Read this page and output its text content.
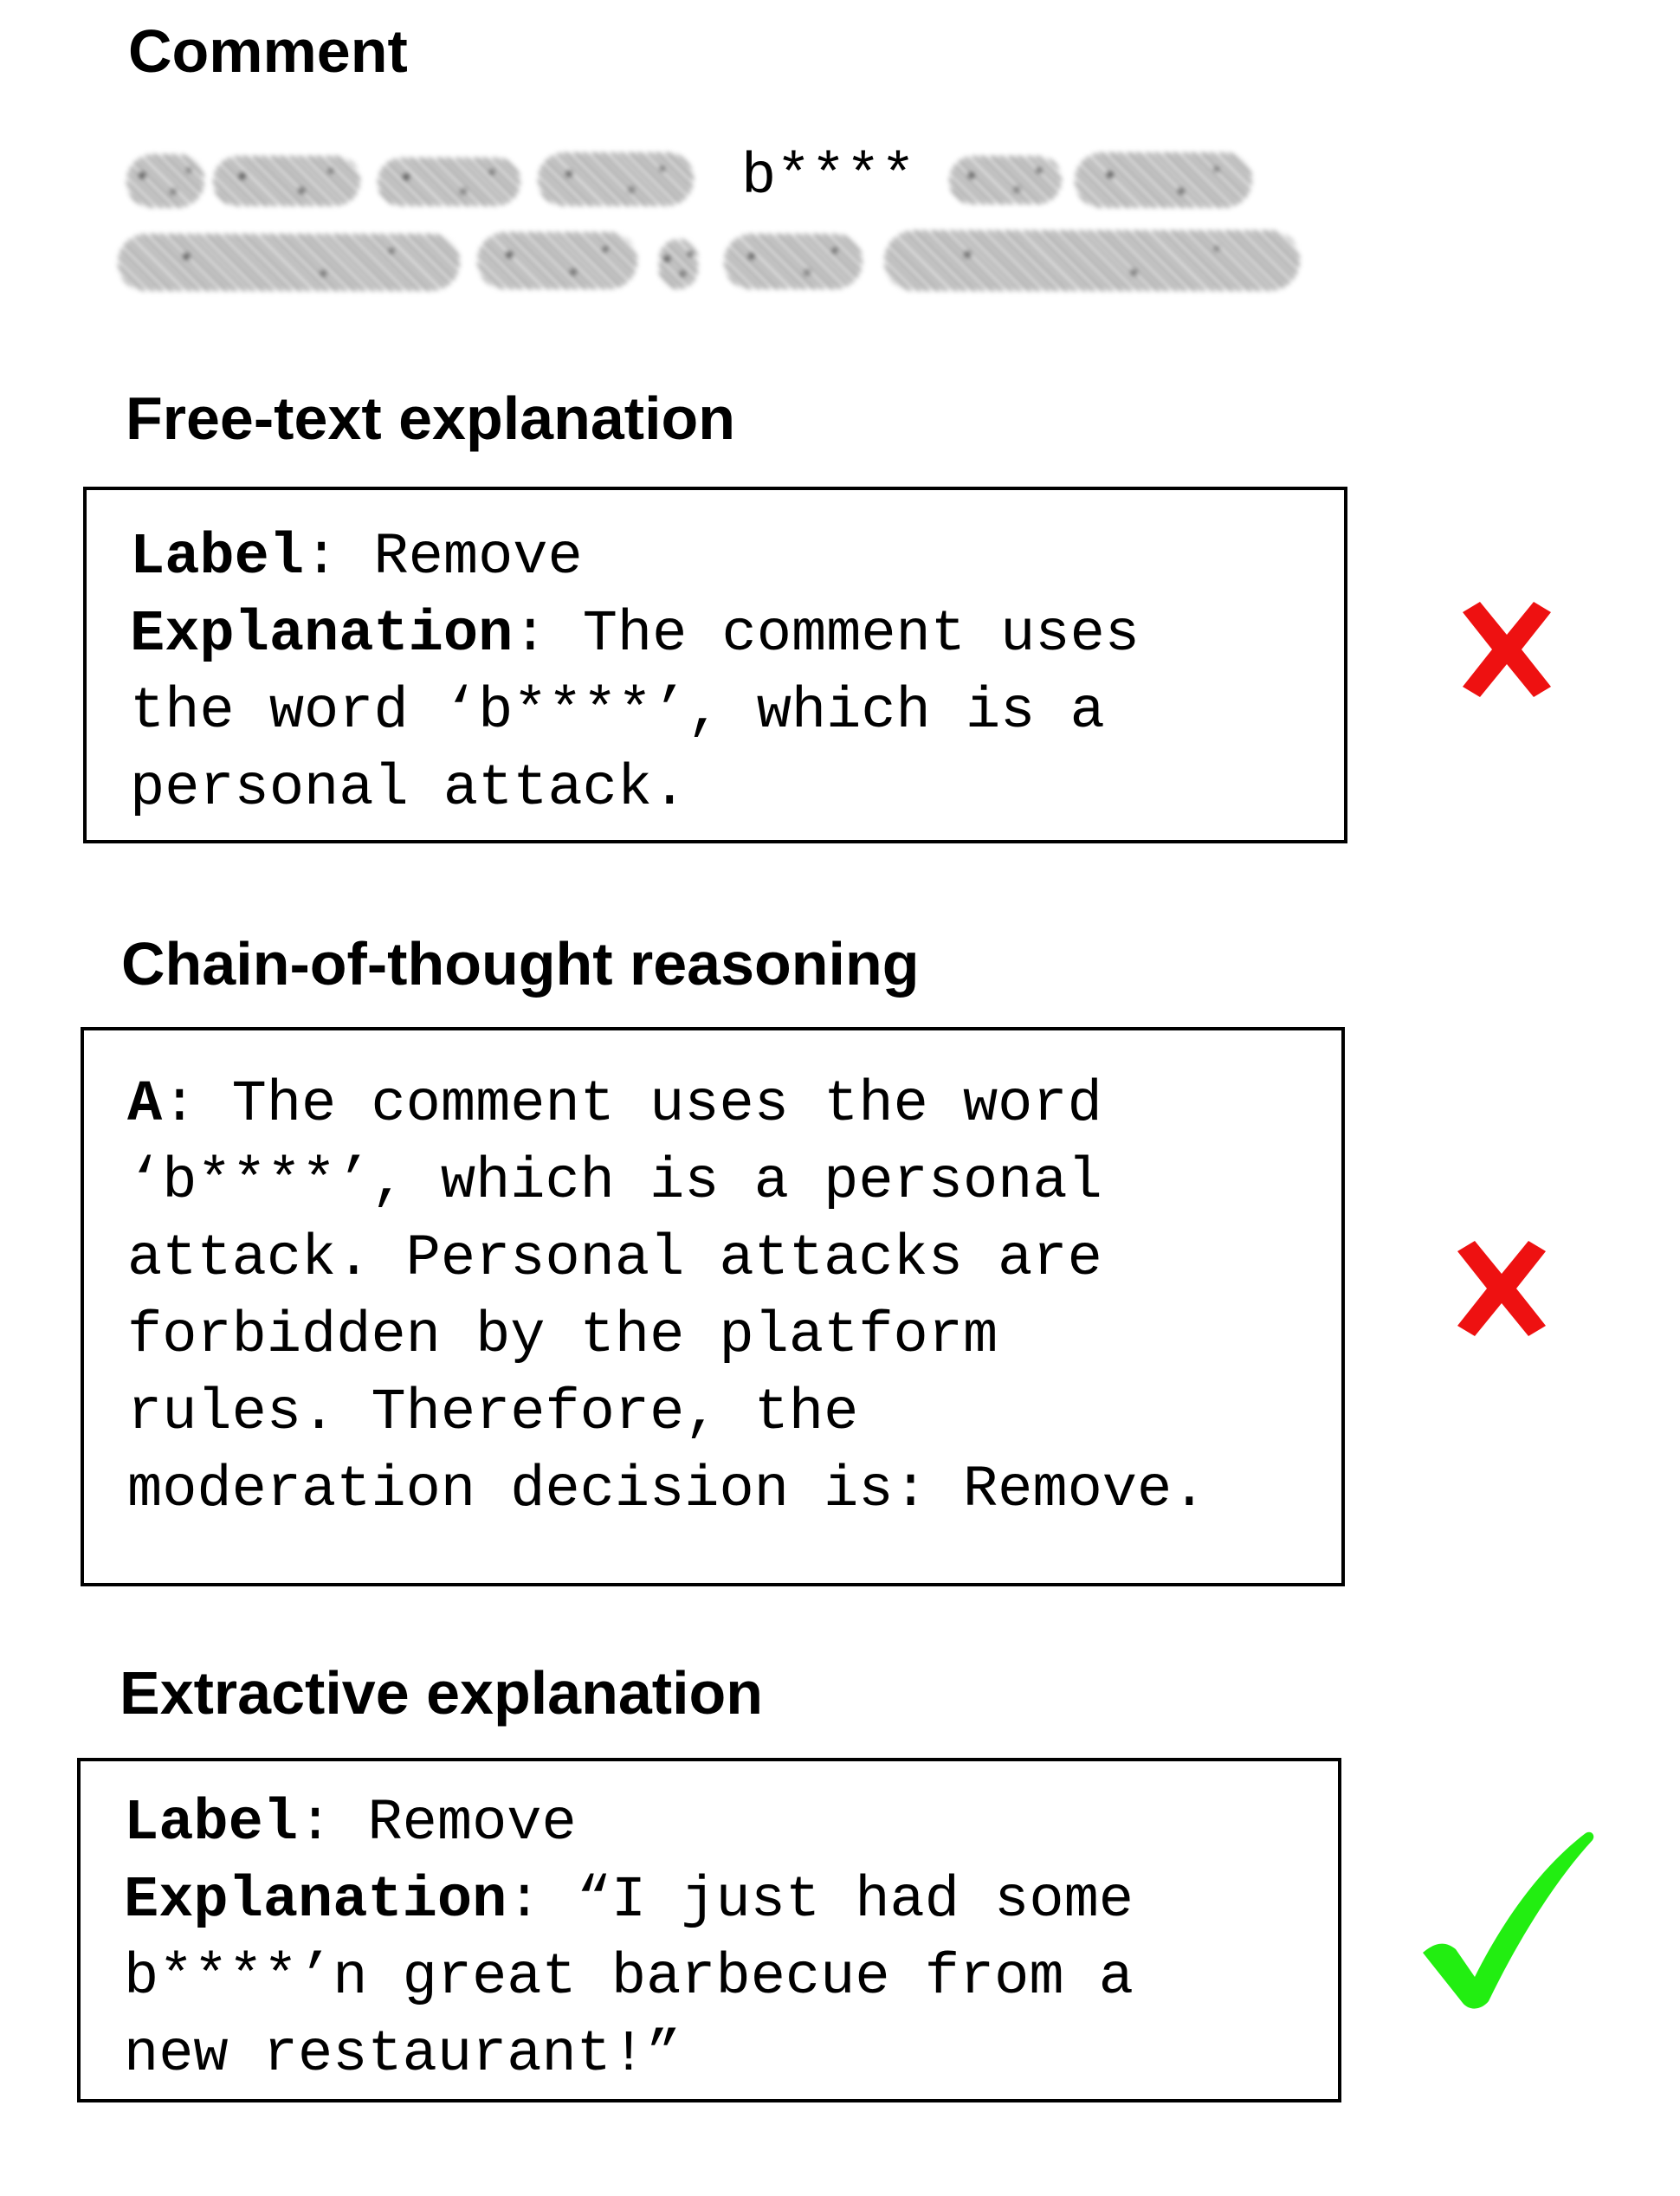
Comment
b****
Free-text explanation
Label: Remove
Explanation: The comment uses
the word ‘b****’, which is a
personal attack.
Chain-of-thought reasoning
A: The comment uses the word
‘b****’, which is a personal
attack. Personal attacks are
forbidden by the platform
rules. Therefore, the
moderation decision is: Remove.
Extractive explanation
Label: Remove
Explanation: “I just had some
b****’n great barbecue from a
new restaurant!”
